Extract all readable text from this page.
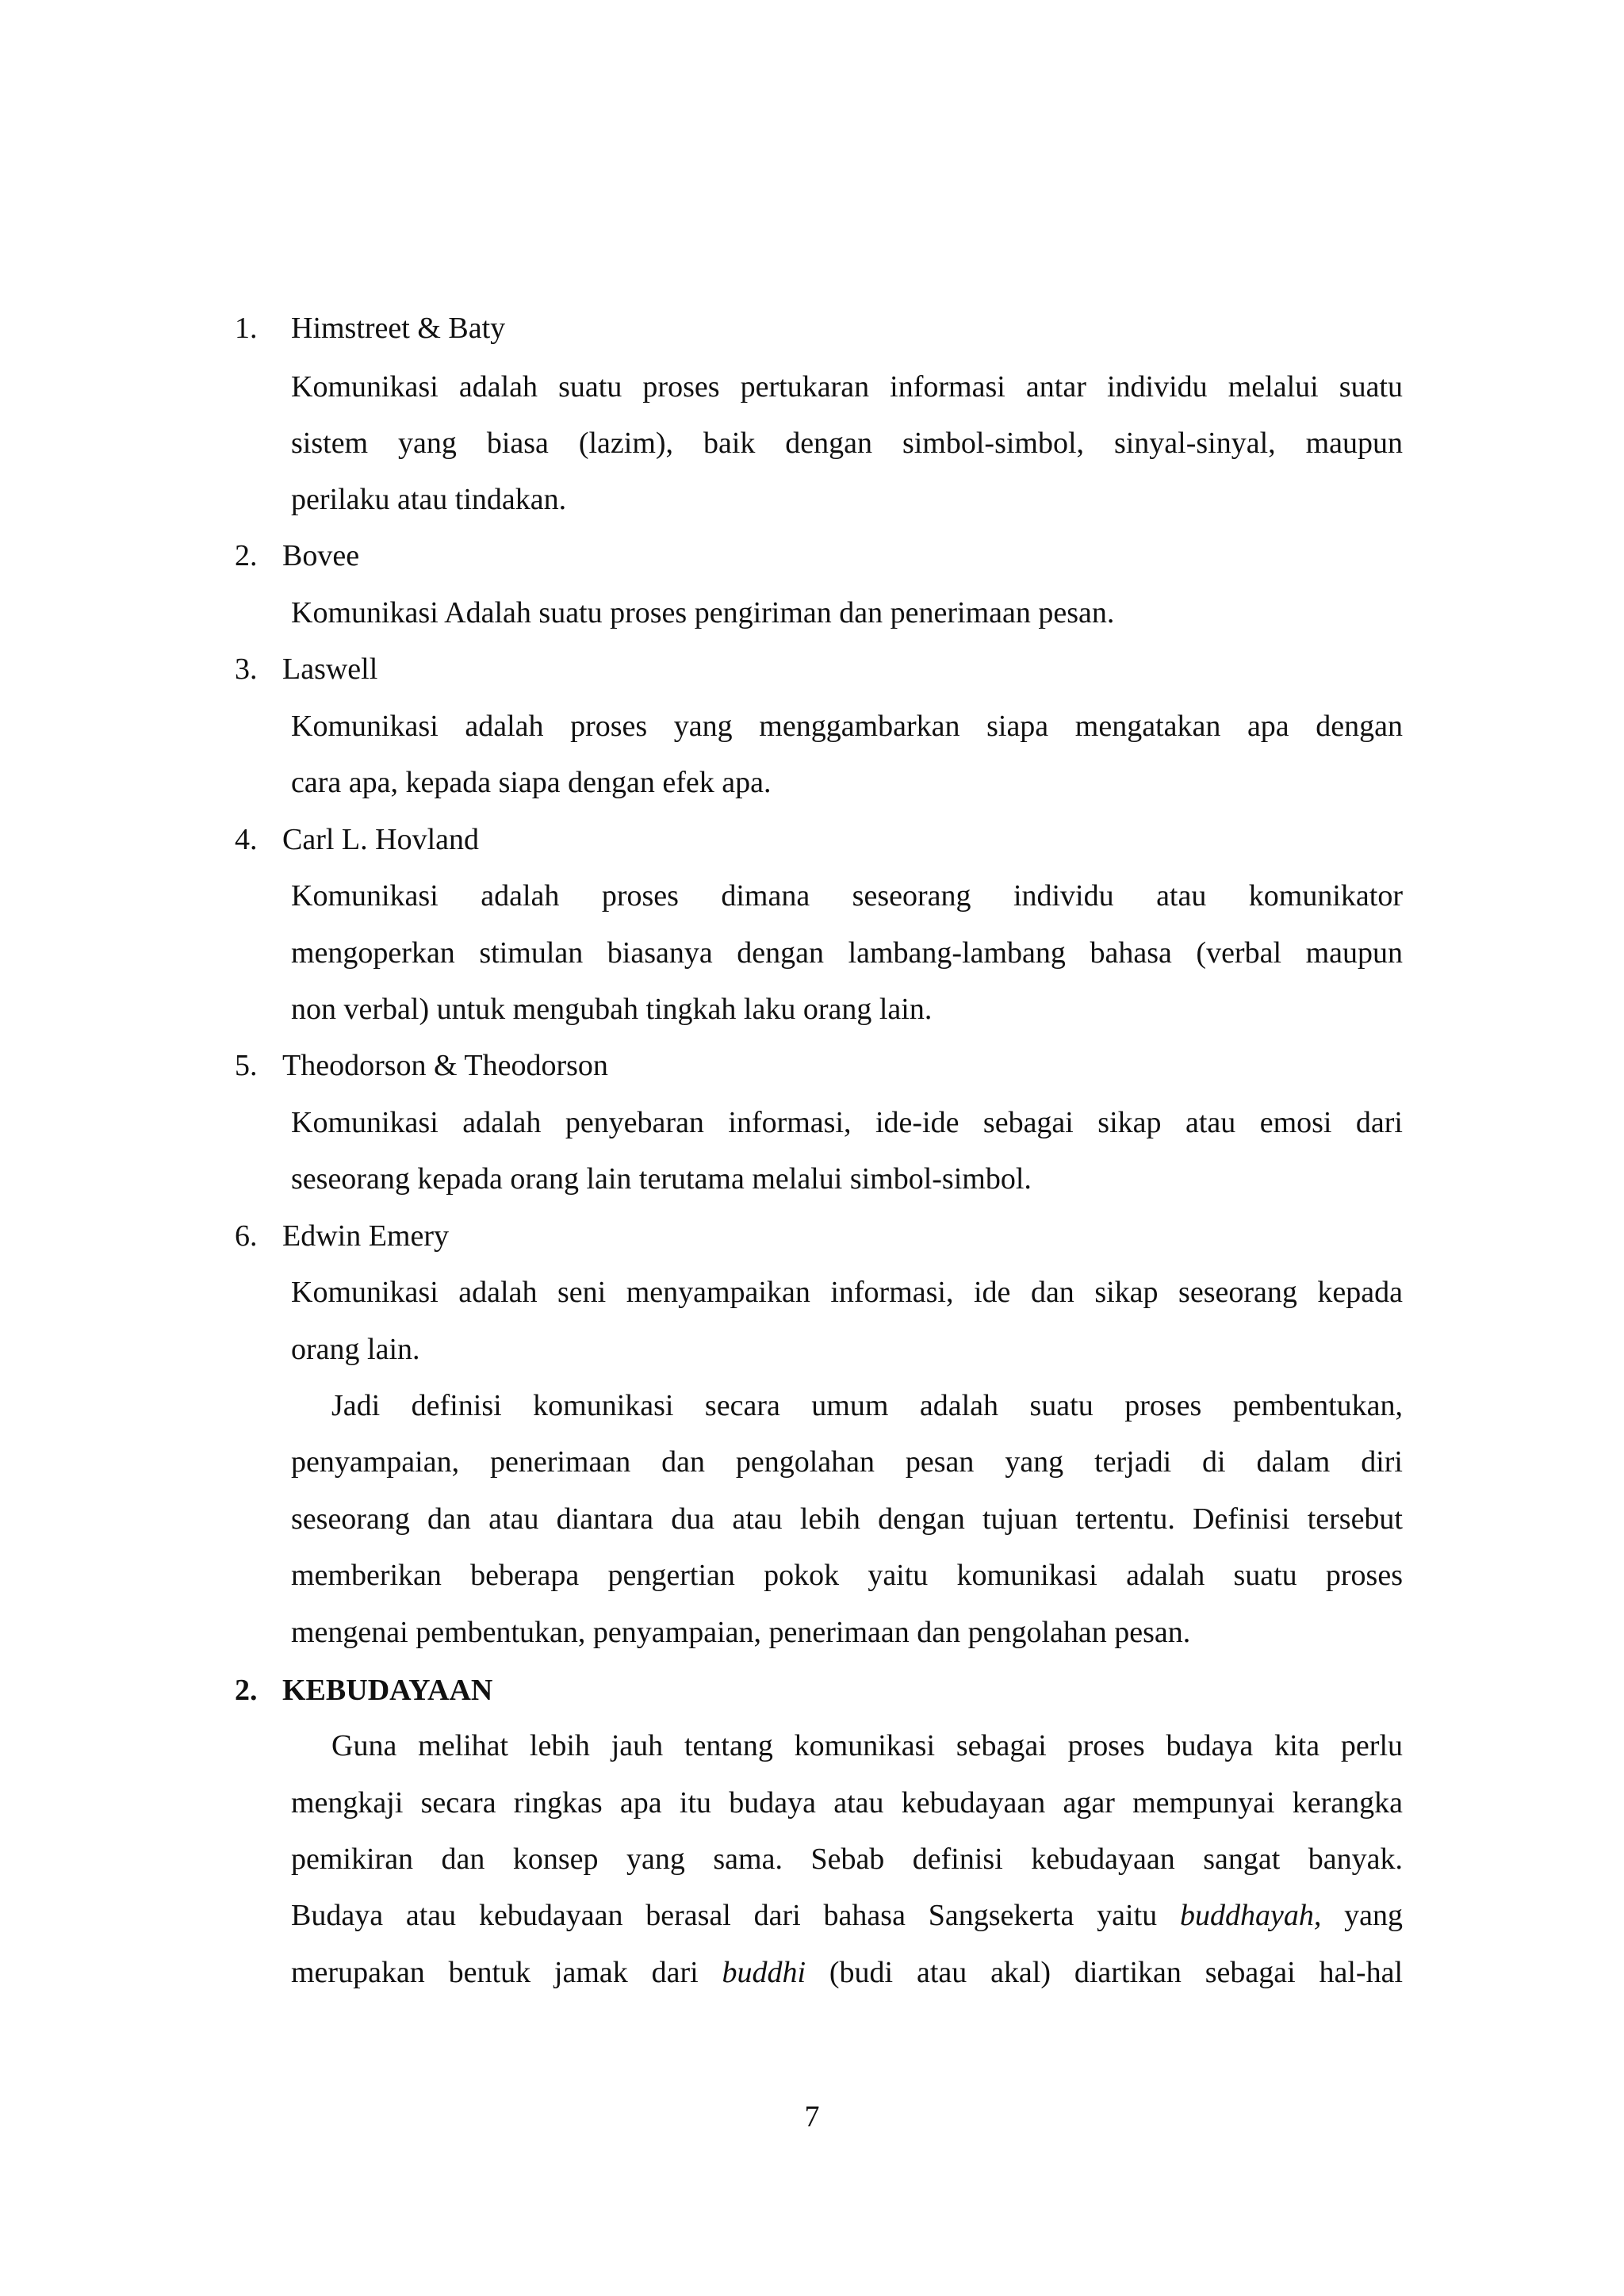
1. Himstreet & Baty
Komunikasi adalah suatu proses pertukaran informasi antar individu melalui suatu
sistem yang biasa (lazim), baik dengan simbol-simbol, sinyal-sinyal, maupun
perilaku atau tindakan.
2. Bovee
Komunikasi Adalah suatu proses pengiriman dan penerimaan pesan.
3. Laswell
Komunikasi adalah proses yang menggambarkan siapa mengatakan apa dengan
cara apa, kepada siapa dengan efek apa.
4. Carl L. Hovland
Komunikasi adalah proses dimana seseorang individu atau komunikator
mengoperkan stimulan biasanya dengan lambang-lambang bahasa (verbal maupun
non verbal) untuk mengubah tingkah laku orang lain.
5. Theodorson & Theodorson
Komunikasi adalah penyebaran informasi, ide-ide sebagai sikap atau emosi dari
seseorang kepada orang lain terutama melalui simbol-simbol.
6. Edwin Emery
Komunikasi adalah seni menyampaikan informasi, ide dan sikap seseorang kepada
orang lain.
Jadi definisi komunikasi secara umum adalah suatu proses pembentukan,
penyampaian, penerimaan dan pengolahan pesan yang terjadi di dalam diri
seseorang dan atau diantara dua atau lebih dengan tujuan tertentu. Definisi tersebut
memberikan beberapa pengertian pokok yaitu komunikasi adalah suatu proses
mengenai pembentukan, penyampaian, penerimaan dan pengolahan pesan.
2. KEBUDAYAAN
Guna melihat lebih jauh tentang komunikasi sebagai proses budaya kita perlu
mengkaji secara ringkas apa itu budaya atau kebudayaan agar mempunyai kerangka
pemikiran dan konsep yang sama. Sebab definisi kebudayaan sangat banyak.
Budaya atau kebudayaan berasal dari bahasa Sangsekerta yaitu buddhayah, yang
merupakan bentuk jamak dari buddhi (budi atau akal) diartikan sebagai hal-hal
7
